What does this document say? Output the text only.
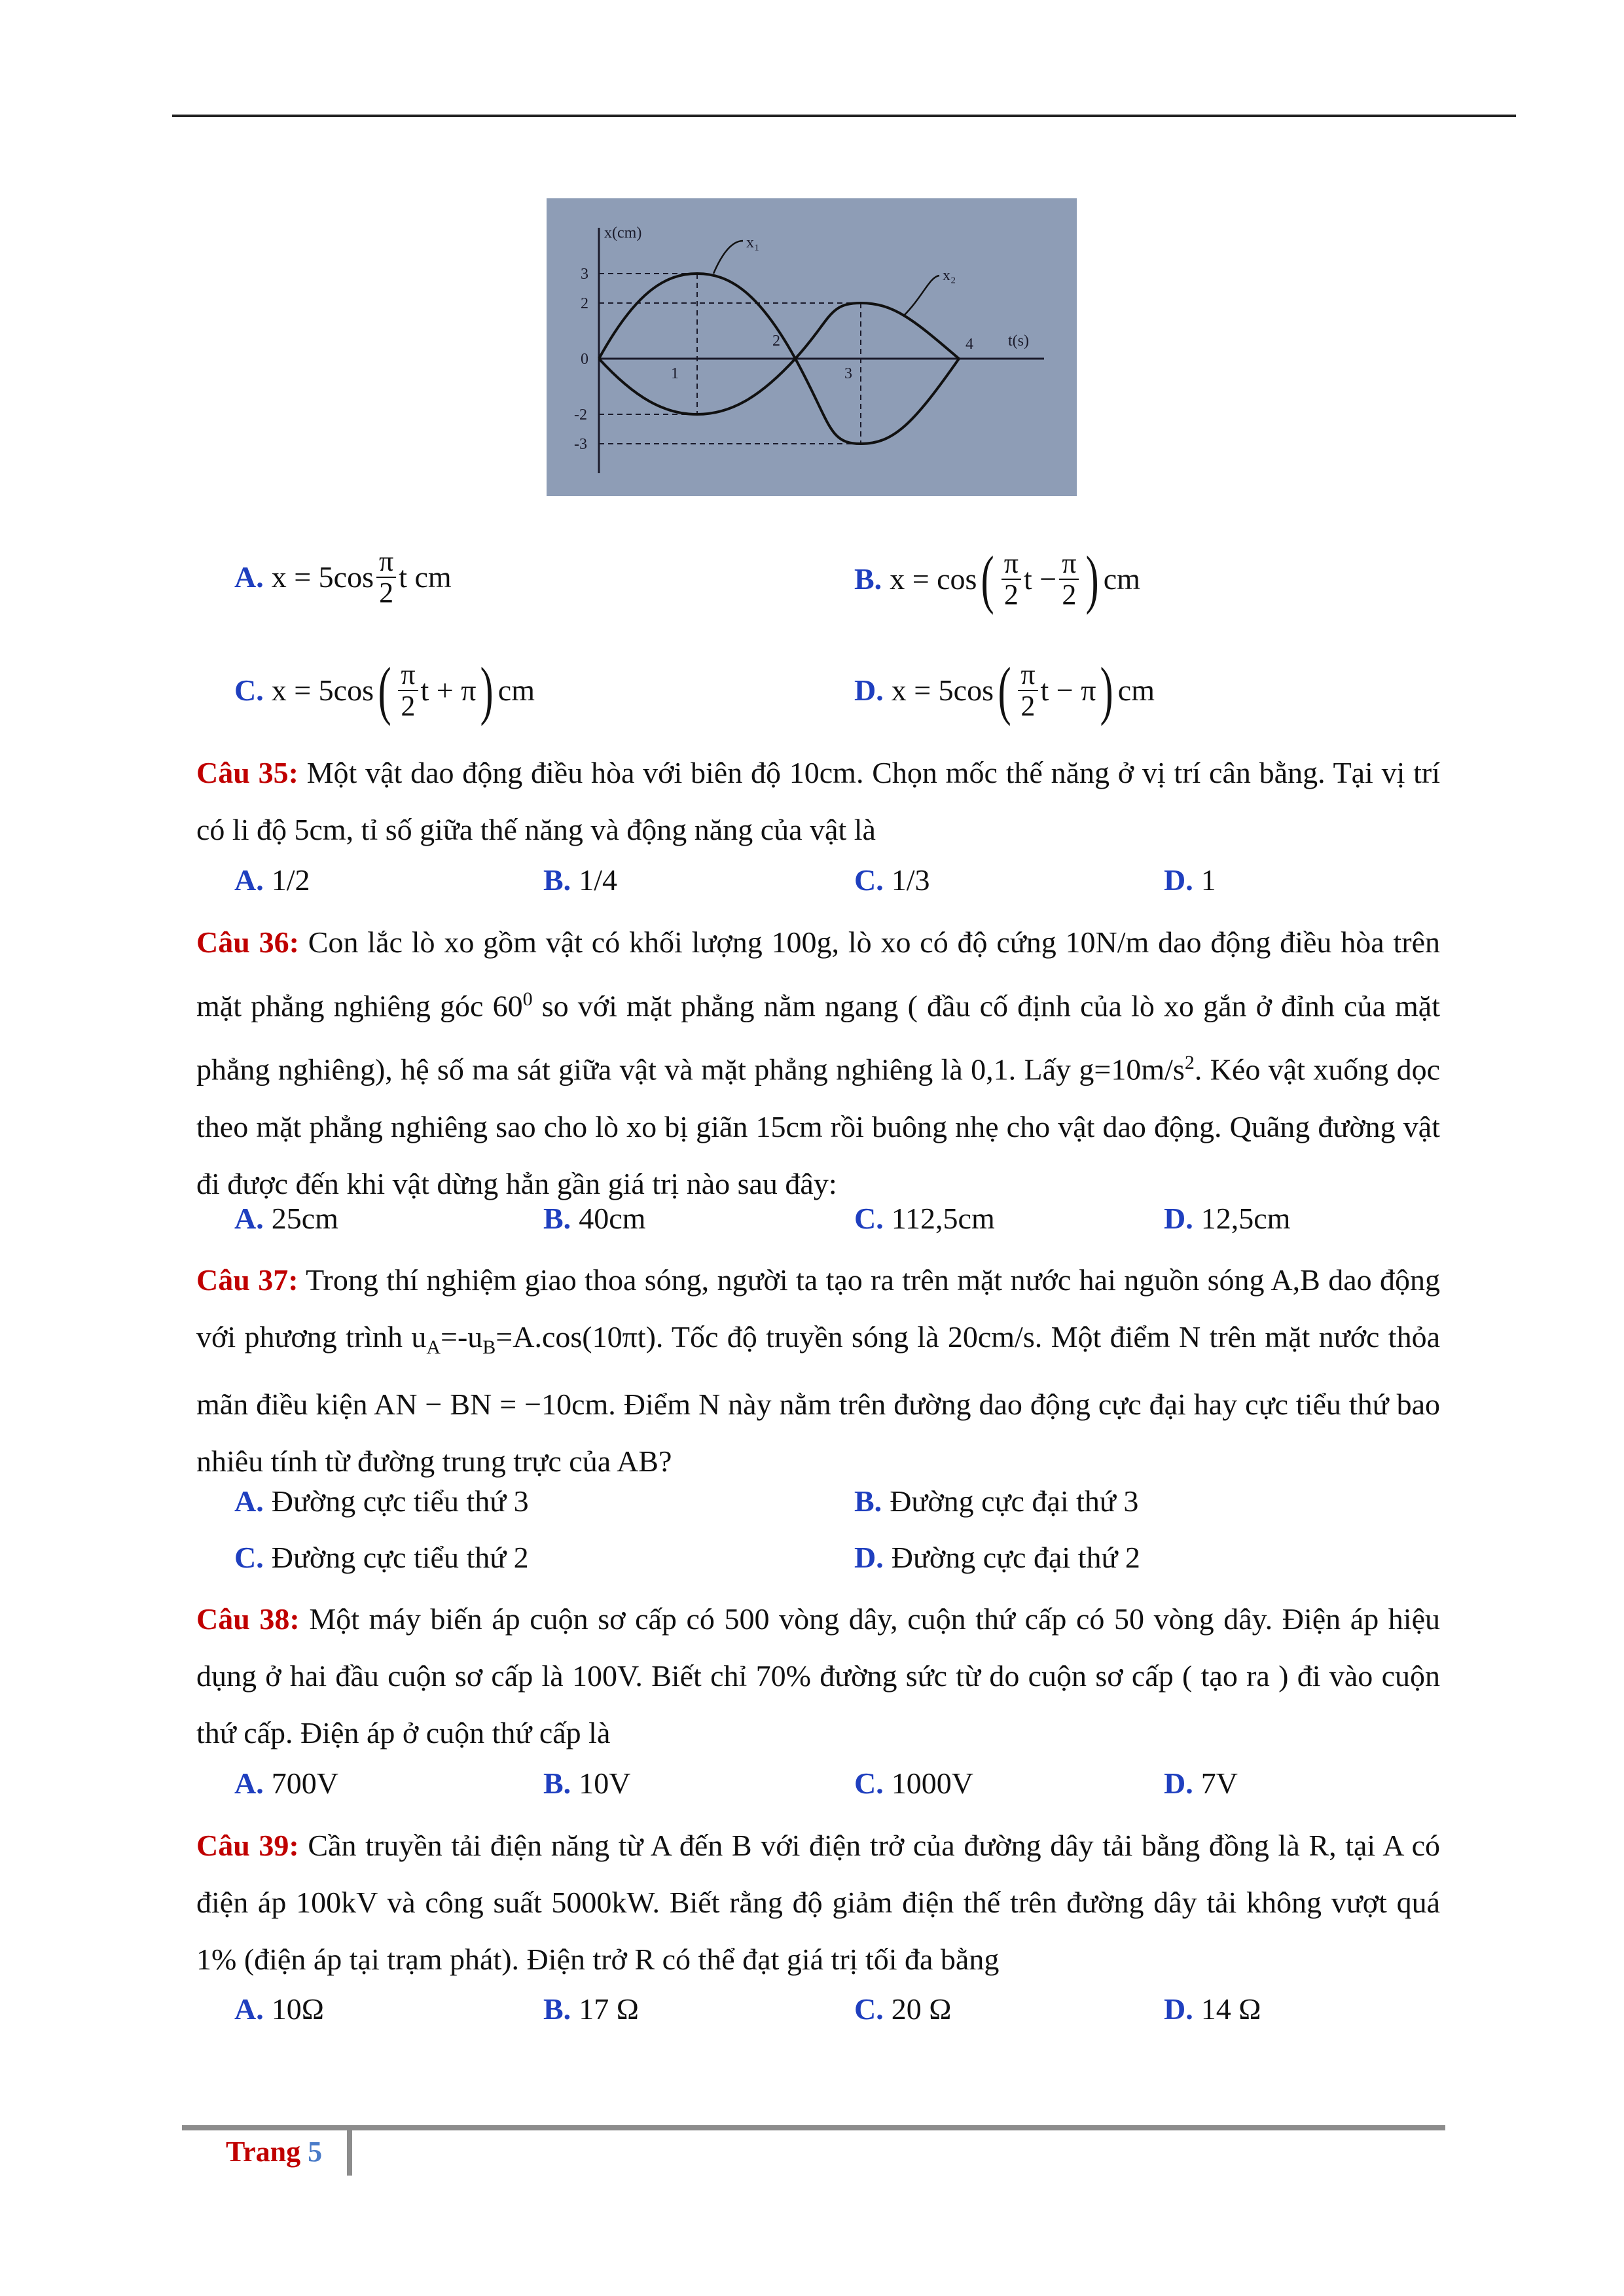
x₁
x₂
x(cm)
t(s)
3
2
0
-2
-3
1
2
3
4
A. $x = 5\cos \frac{\pi}{2}$ t cm	B. x = cos ( $\frac{\pi}{2}$ $t - \frac{\pi}{2}$ ) cm
C. x = 5cos ( $\frac{\pi}{2}$ t + π ) cm	D. x = 5cos ( $\frac{\pi}{2}$ t − π ) cm
Câu 35: Một vật dao động điều hòa với biên độ 10cm. Chọn mốc thế năng ở vị trí cân bằng. Tại vị trí có li độ 5cm, tỉ số giữa thế năng và động năng của vật là
A. 1/2	B. 1/4	C. 1/3	D. 1
Câu 36: Con lắc lò xo gồm vật có khối lượng 100g, lò xo có độ cứng 10N/m dao động điều hòa trên mặt phẳng nghiêng góc $60^0$ so với mặt phẳng nằm ngang ( đầu cố định của lò xo gắn ở đỉnh của mặt phẳng nghiêng), hệ số ma sát giữa vật và mặt phẳng nghiêng là 0,1. Lấy $g=10m/s^2$. Kéo vật xuống dọc theo mặt phẳng nghiêng sao cho lò xo bị giãn 15cm rồi buông nhẹ cho vật dao động. Quãng đường vật đi được đến khi vật dừng hẳn gần giá trị nào sau đây:
A. 25cm	B. 40cm	C. 112,5cm	D. 12,5cm
Câu 37: Trong thí nghiệm giao thoa sóng, người ta tạo ra trên mặt nước hai nguồn sóng A,B dao động với phương trình $u_A=-u_B=A.\cos(10\pi t)$. Tốc độ truyền sóng là 20cm/s. Một điểm N trên mặt nước thỏa mãn điều kiện AN − BN = −10cm. Điểm N này nằm trên đường dao động cực đại hay cực tiểu thứ bao nhiêu tính từ đường trung trực của AB?
A. Đường cực tiểu thứ 3	B. Đường cực đại thứ 3
C. Đường cực tiểu thứ 2	D. Đường cực đại thứ 2
Câu 38: Một máy biến áp cuộn sơ cấp có 500 vòng dây, cuộn thứ cấp có 50 vòng dây. Điện áp hiệu dụng ở hai đầu cuộn sơ cấp là 100V. Biết chỉ 70% đường sức từ do cuộn sơ cấp ( tạo ra ) đi vào cuộn thứ cấp. Điện áp ở cuộn thứ cấp là
A. 700V	B. 10V	C. 1000V	D. 7V
Câu 39: Cần truyền tải điện năng từ A đến B với điện trở của đường dây tải bằng đồng là R, tại A có điện áp 100kV và công suất 5000kW. Biết rằng độ giảm điện thế trên đường dây tải không vượt quá 1% (điện áp tại trạm phát). Điện trở R có thể đạt giá trị tối đa bằng
A. 10Ω	B. 17 Ω	C. 20 Ω	D. 14 Ω
Trang 5
